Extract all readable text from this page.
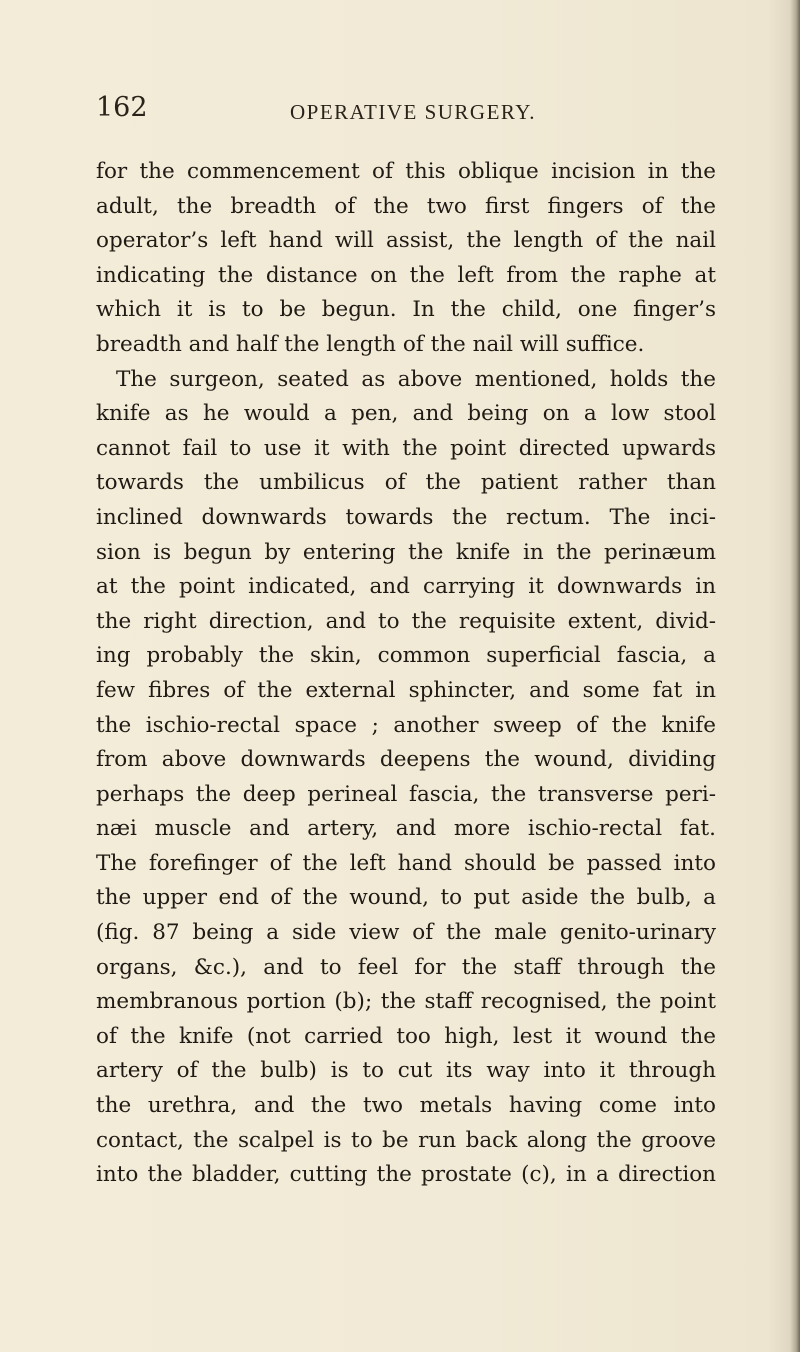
162	OPERATIVE SURGERY.
for the commencement of this oblique incision in the
adult, the breadth of the two first fingers of the
operator’s left hand will assist, the length of the nail
indicating the distance on the left from the raphe at
which it is to be begun. In the child, one finger’s
breadth and half the length of the nail will suffice.
The surgeon, seated as above mentioned, holds the
knife as he would a pen, and being on a low stool
cannot fail to use it with the point directed upwards
towards the umbilicus of the patient rather than
inclined downwards towards the rectum. The inci-
sion is begun by entering the knife in the perinæum
at the point indicated, and carrying it downwards in
the right direction, and to the requisite extent, divid-
ing probably the skin, common superficial fascia, a
few fibres of the external sphincter, and some fat in
the ischio-rectal space ; another sweep of the knife
from above downwards deepens the wound, dividing
perhaps the deep perineal fascia, the transverse peri-
næi muscle and artery, and more ischio-rectal fat.
The forefinger of the left hand should be passed into
the upper end of the wound, to put aside the bulb, a
(fig. 87 being a side view of the male genito-urinary
organs, &c.), and to feel for the staff through the
membranous portion (b); the staff recognised, the point
of the knife (not carried too high, lest it wound the
artery of the bulb) is to cut its way into it through
the urethra, and the two metals having come into
contact, the scalpel is to be run back along the groove
into the bladder, cutting the prostate (c), in a direction
